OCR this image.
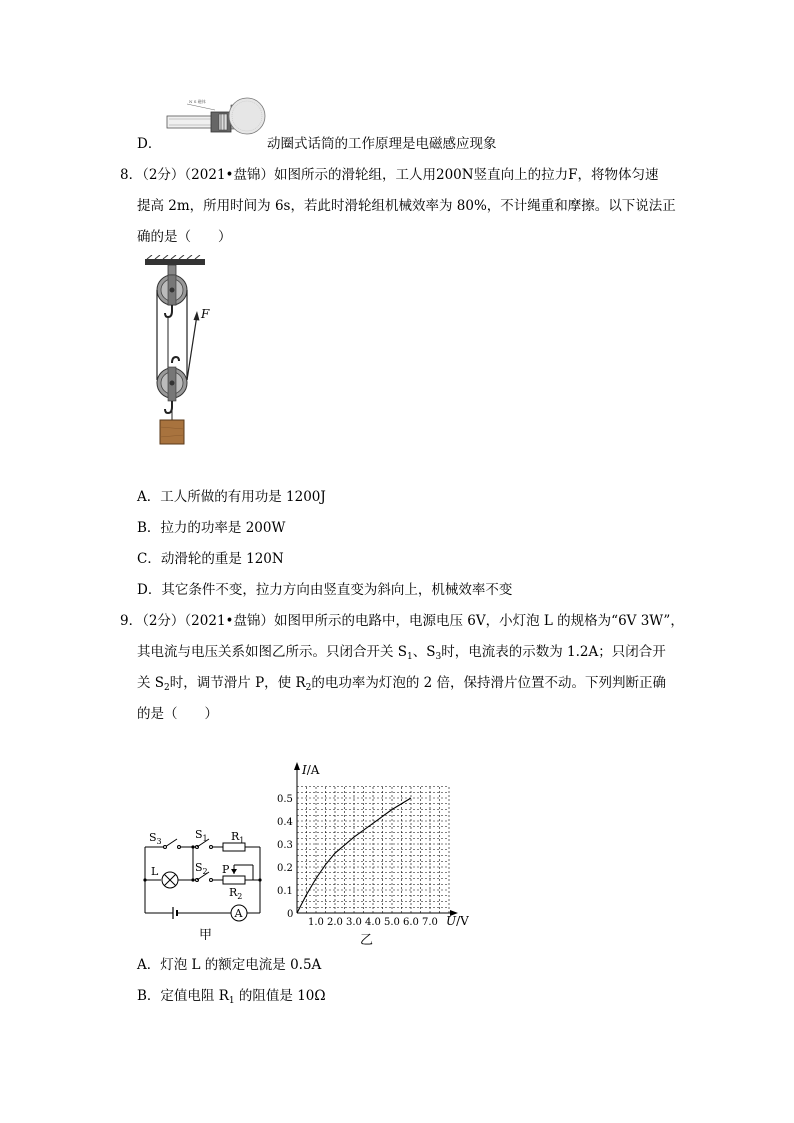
N S 磁体
D．	动圈式话筒的工作原理是电磁感应现象
8．（2分）（2021•盘锦）如图所示的滑轮组，工人用200N竖直向上的拉力F，将物体匀速
提高 2m，所用时间为 6s，若此时滑轮组机械效率为 80%，不计绳重和摩擦。以下说法正
确的是（　　）
F
A．工人所做的有用功是 1200J
B．拉力的功率是 200W
C．动滑轮的重是 120N
D．其它条件不变，拉力方向由竖直变为斜向上，机械效率不变
9．（2分）（2021•盘锦）如图甲所示的电路中，电源电压 6V，小灯泡 L 的规格为“6V 3W”，
其电流与电压关系如图乙所示。只闭合开关 $S_1$、$S_3$时，电流表的示数为 1.2A；只闭合开
关 $S_2$时，调节滑片 P，使 $R_2$的电功率为灯泡的 2 倍，保持滑片位置不动。下列判断正确
的是（　　）
$S_3$
$S_1$ $R_1$
$S_2$ P
$R_2$
L
A
甲
1.0 2.0 3.0 4.0 5.0 6.0 7.0
0.1
0.2
0.3
0.4
0.5
I/A
U/V
0
乙
A．灯泡 L 的额定电流是 0.5A
B．定值电阻 $R_1$ 的阻值是 10Ω
